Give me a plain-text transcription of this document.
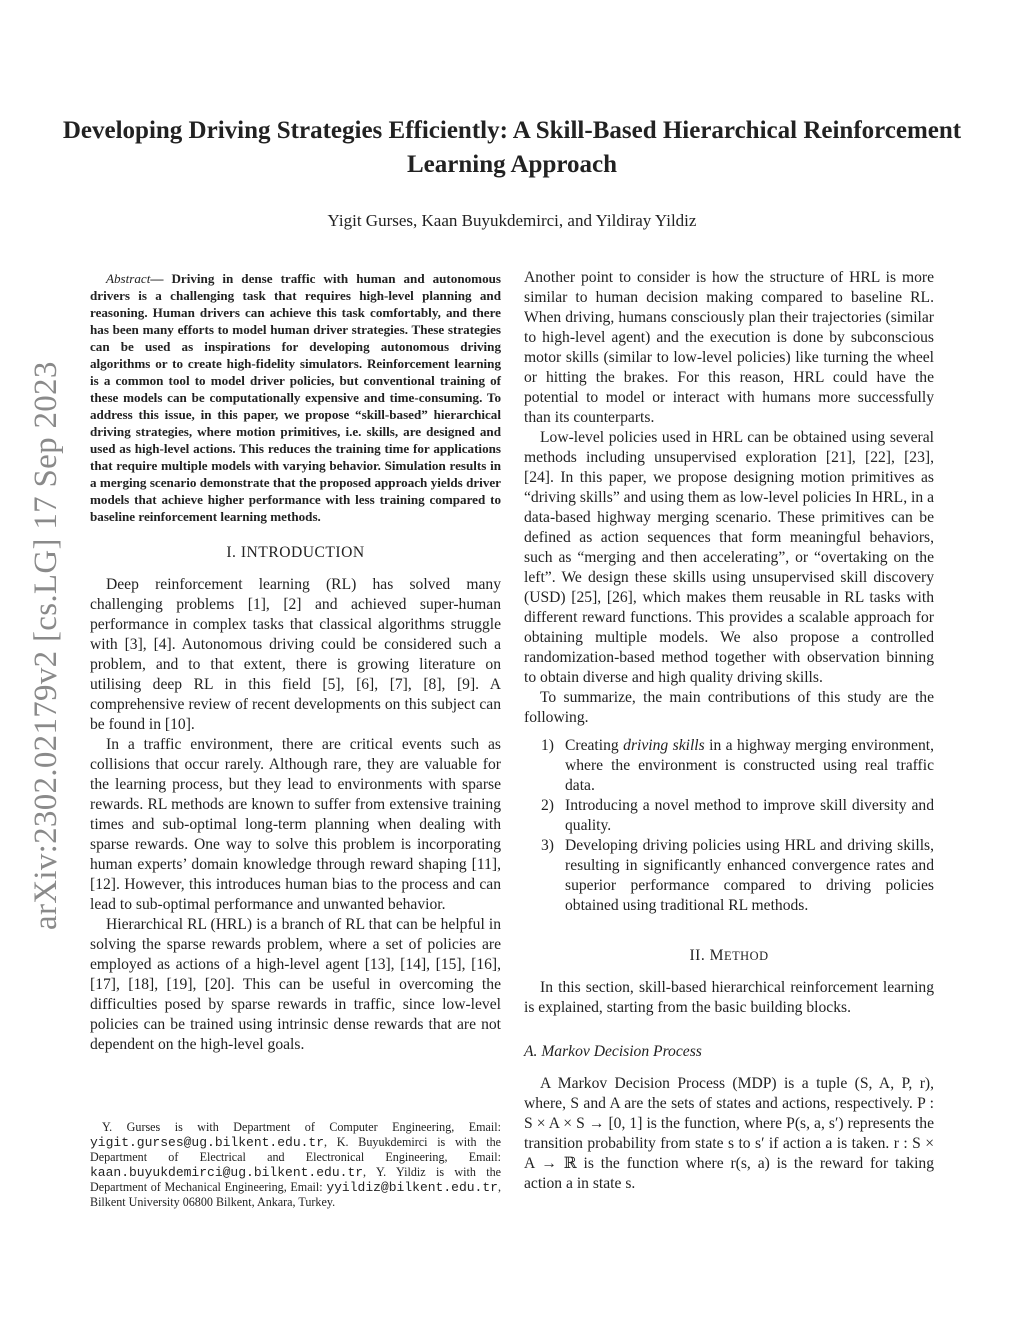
arXiv:2302.02179v2 [cs.LG] 17 Sep 2023
Developing Driving Strategies Efficiently: A Skill-Based Hierarchical Reinforcement Learning Approach
Yigit Gurses, Kaan Buyukdemirci, and Yildiray Yildiz

Abstract— Driving in dense traffic with human and autonomous drivers is a challenging task that requires high-level planning and reasoning. Human drivers can achieve this task comfortably, and there has been many efforts to model human driver strategies. These strategies can be used as inspirations for developing autonomous driving algorithms or to create high-fidelity simulators. Reinforcement learning is a common tool to model driver policies, but conventional training of these models can be computationally expensive and time-consuming. To address this issue, in this paper, we propose “skill-based” hierarchical driving strategies, where motion primitives, i.e. skills, are designed and used as high-level actions. This reduces the training time for applications that require multiple models with varying behavior. Simulation results in a merging scenario demonstrate that the proposed approach yields driver models that achieve higher performance with less training compared to baseline reinforcement learning methods.

I. INTRODUCTION

Deep reinforcement learning (RL) has solved many challenging problems [1], [2] and achieved super-human performance in complex tasks that classical algorithms struggle with [3], [4]. Autonomous driving could be considered such a problem, and to that extent, there is growing literature on utilising deep RL in this field [5], [6], [7], [8], [9]. A comprehensive review of recent developments on this subject can be found in [10].

In a traffic environment, there are critical events such as collisions that occur rarely. Although rare, they are valuable for the learning process, but they lead to environments with sparse rewards. RL methods are known to suffer from extensive training times and sub-optimal long-term planning when dealing with sparse rewards. One way to solve this problem is incorporating human experts’ domain knowledge through reward shaping [11], [12]. However, this introduces human bias to the process and can lead to sub-optimal performance and unwanted behavior.

Hierarchical RL (HRL) is a branch of RL that can be helpful in solving the sparse rewards problem, where a set of policies are employed as actions of a high-level agent [13], [14], [15], [16], [17], [18], [19], [20]. This can be useful in overcoming the difficulties posed by sparse rewards in traffic, since low-level policies can be trained using intrinsic dense rewards that are not dependent on the high-level goals.

Y. Gurses is with Department of Computer Engineering, Email: yigit.gurses@ug.bilkent.edu.tr, K. Buyukdemirci is with the Department of Electrical and Electronical Engineering, Email: kaan.buyukdemirci@ug.bilkent.edu.tr, Y. Yildiz is with the Department of Mechanical Engineering, Email: yyildiz@bilkent.edu.tr, Bilkent University 06800 Bilkent, Ankara, Turkey.

Another point to consider is how the structure of HRL is more similar to human decision making compared to baseline RL. When driving, humans consciously plan their trajectories (similar to high-level agent) and the execution is done by subconscious motor skills (similar to low-level policies) like turning the wheel or hitting the brakes. For this reason, HRL could have the potential to model or interact with humans more successfully than its counterparts.

Low-level policies used in HRL can be obtained using several methods including unsupervised exploration [21], [22], [23], [24]. In this paper, we propose designing motion primitives as “driving skills” and using them as low-level policies In HRL, in a data-based highway merging scenario. These primitives can be defined as action sequences that form meaningful behaviors, such as “merging and then accelerating”, or “overtaking on the left”. We design these skills using unsupervised skill discovery (USD) [25], [26], which makes them reusable in RL tasks with different reward functions. This provides a scalable approach for obtaining multiple models. We also propose a controlled randomization-based method together with observation binning to obtain diverse and high quality driving skills.

To summarize, the main contributions of this study are the following.

1) Creating driving skills in a highway merging environment, where the environment is constructed using real traffic data.
2) Introducing a novel method to improve skill diversity and quality.
3) Developing driving policies using HRL and driving skills, resulting in significantly enhanced convergence rates and superior performance compared to driving policies obtained using traditional RL methods.
II. METHOD

In this section, skill-based hierarchical reinforcement learning is explained, starting from the basic building blocks.

A. Markov Decision Process

A Markov Decision Process (MDP) is a tuple (S, A, P, r), where, S and A are the sets of states and actions, respectively. P : S × A × S → [0, 1] is the function, where P(s, a, s′) represents the transition probability from state s to s′ if action a is taken. r : S × A → ℝ is the function where r(s, a) is the reward for taking action a in state s.
